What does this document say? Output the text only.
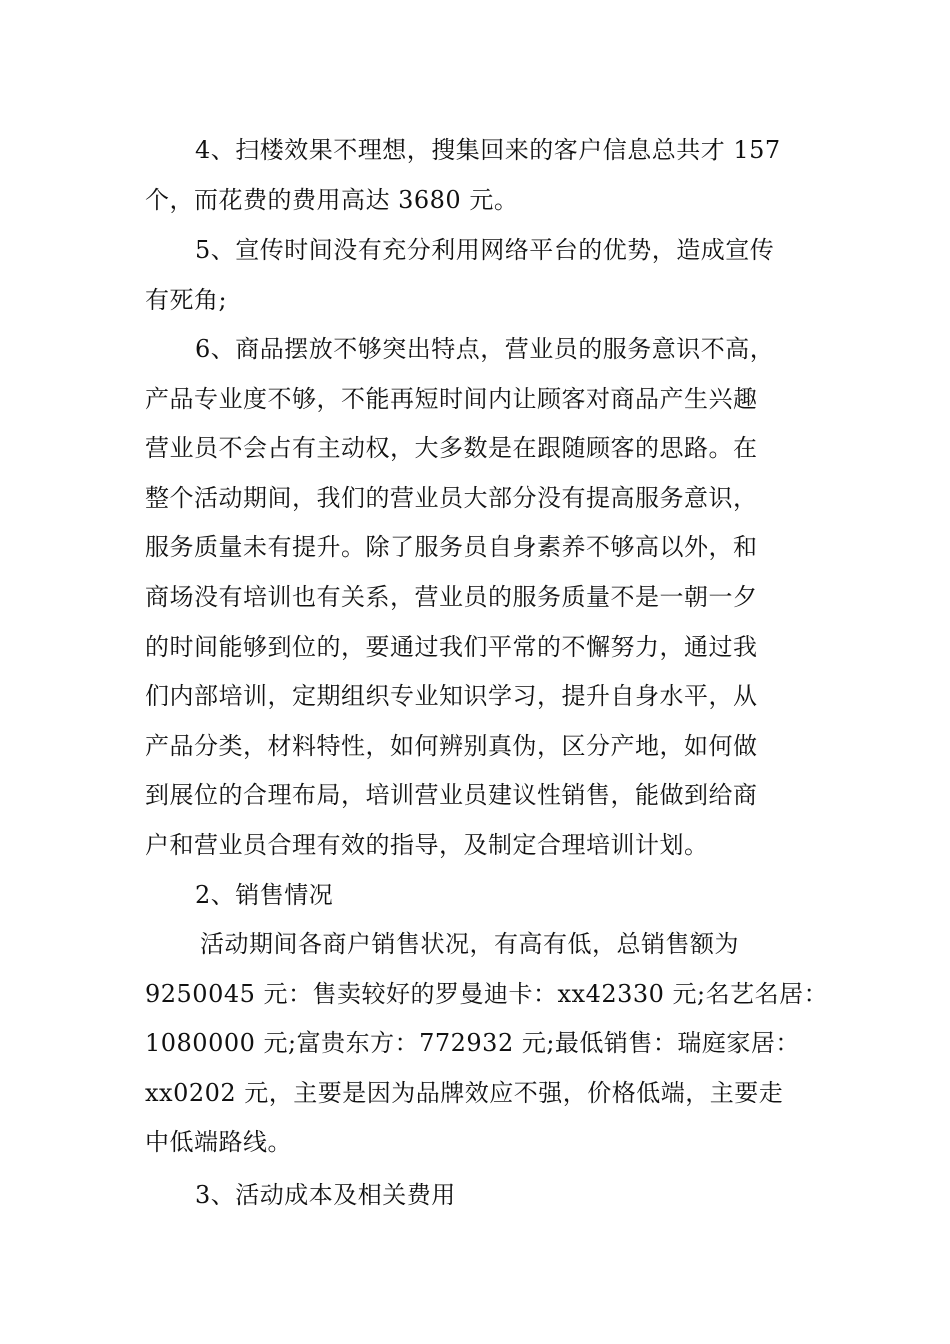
4、扫楼效果不理想，搜集回来的客户信息总共才 157
个，而花费的费用高达 3680 元。
5、宣传时间没有充分利用网络平台的优势，造成宣传
有死角;
6、商品摆放不够突出特点，营业员的服务意识不高，
产品专业度不够，不能再短时间内让顾客对商品产生兴趣
营业员不会占有主动权，大多数是在跟随顾客的思路。在
整个活动期间，我们的营业员大部分没有提高服务意识，
服务质量未有提升。除了服务员自身素养不够高以外，和
商场没有培训也有关系，营业员的服务质量不是一朝一夕
的时间能够到位的，要通过我们平常的不懈努力，通过我
们内部培训，定期组织专业知识学习，提升自身水平，从
产品分类，材料特性，如何辨别真伪，区分产地，如何做
到展位的合理布局，培训营业员建议性销售，能做到给商
户和营业员合理有效的指导，及制定合理培训计划。
2、销售情况
活动期间各商户销售状况，有高有低，总销售额为
9250045 元：售卖较好的罗曼迪卡：xx42330 元;名艺名居：
1080000 元;富贵东方：772932 元;最低销售：瑞庭家居：
xx0202 元，主要是因为品牌效应不强，价格低端，主要走
中低端路线。
3、活动成本及相关费用
